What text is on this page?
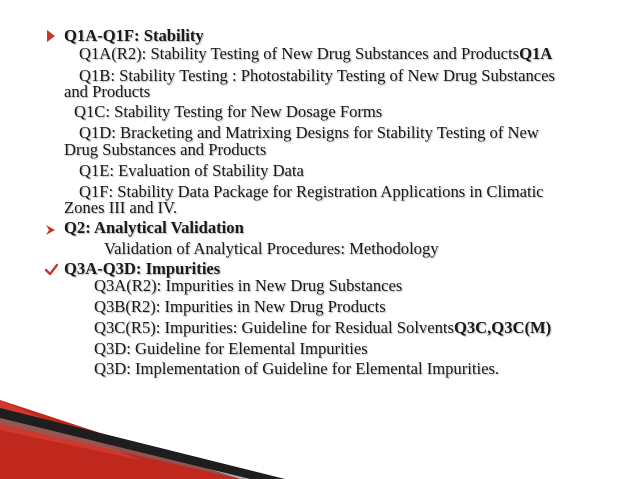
Q1A-Q1F: Stability
Q1A(R2): Stability Testing of New Drug Substances and ProductsQ1A
Q1B: Stability Testing : Photostability Testing of New Drug Substances
and Products
Q1C: Stability Testing for New Dosage Forms
Q1D: Bracketing and Matrixing Designs for Stability Testing of New
Drug Substances and Products
Q1E: Evaluation of Stability Data
Q1F: Stability Data Package for Registration Applications in Climatic
Zones III and IV.
Q2: Analytical Validation
Validation of Analytical Procedures: Methodology
Q3A-Q3D: Impurities
Q3A(R2): Impurities in New Drug Substances
Q3B(R2): Impurities in New Drug Products
Q3C(R5): Impurities: Guideline for Residual SolventsQ3C,Q3C(M)
Q3D: Guideline for Elemental Impurities
Q3D: Implementation of Guideline for Elemental Impurities.
